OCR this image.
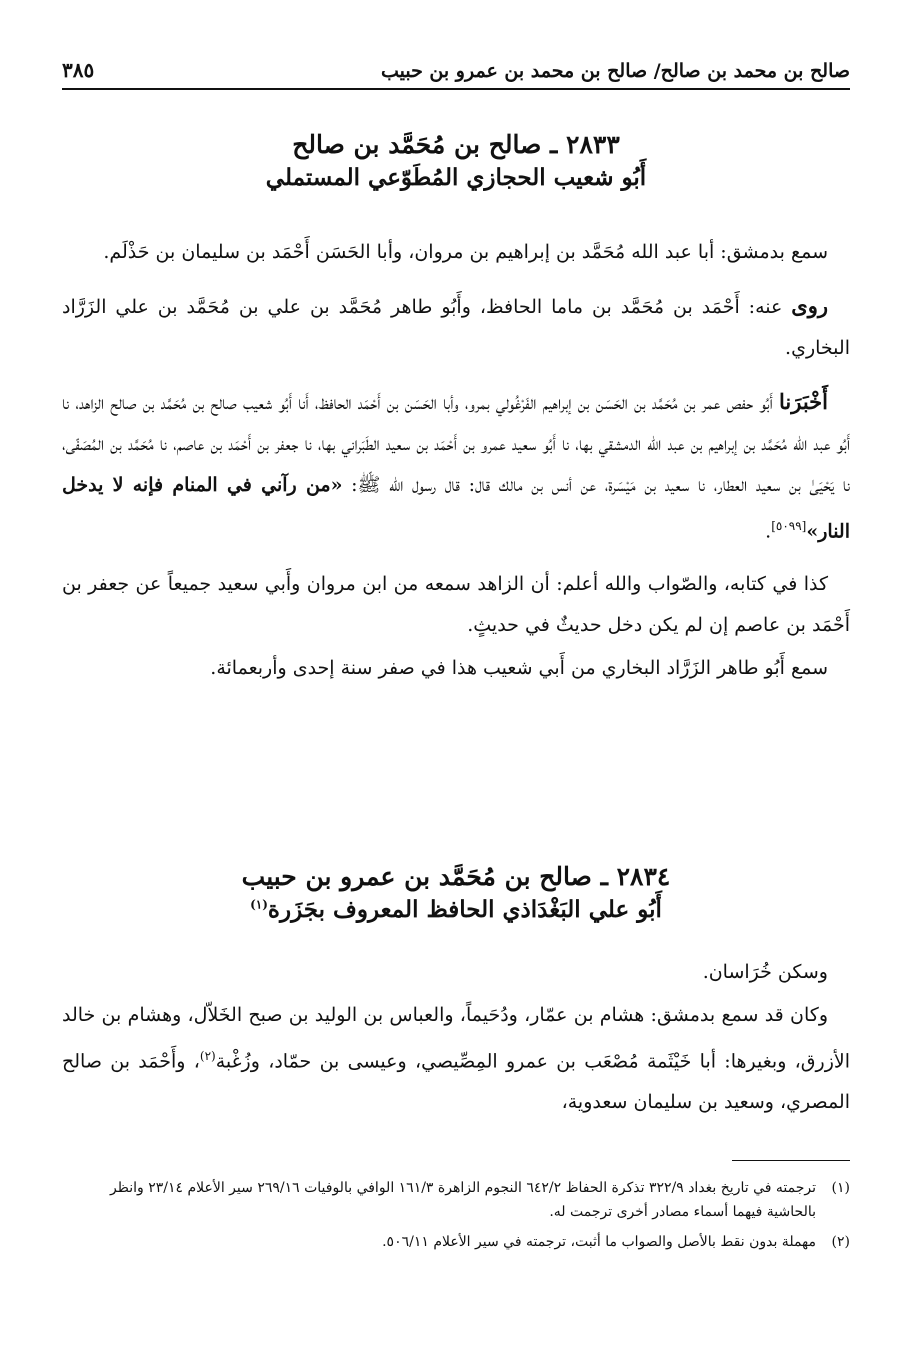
صالح بن محمد بن صالح/ صالح بن محمد بن عمرو بن حبيب
٣٨٥
٢٨٣٣ ـ صالح بن مُحَمَّد بن صالح
أَبُو شعيب الحجازي المُطَوّعي المستملي

سمع بدمشق: أبا عبد الله مُحَمَّد بن إبراهيم بن مروان، وأبا الحَسَن أَحْمَد بن سليمان بن حَذْلَم.

روى عنه: أَحْمَد بن مُحَمَّد بن ماما الحافظ، وأَبُو طاهر مُحَمَّد بن علي بن مُحَمَّد بن علي الزَرَّاد البخاري.

أَخْبَرَنا أَبُو حفص عمر بن مُحَمَّد بن الحَسَن بن إبراهيم الفَرْغُولي بمرو، وأبا الحَسَن بن أَحْمَد الحافظ، أَنا أَبُو شعيب صالح بن مُحَمَّد بن صالح الزاهد، نا أَبُو عبد الله مُحَمَّد بن إبراهيم بن عبد الله الدمشقي بها، نا أَبُو سعيد عمرو بن أَحْمَد بن سعيد الطَبَراني بها، نا جعفر بن أَحْمَد بن عاصم، نا مُحَمَّد بن المُصَفّى، نا يَحْيَىٰ بن سعيد العطار، نا سعيد بن مَيْسَرة، عن أنس بن مالك قال: قال رسول الله ﷺ: «من رآني في المنام فإنه لا يدخل النار»[٥٠٩٩].

كذا في كتابه، والصّواب والله أعلم: أن الزاهد سمعه من ابن مروان وأَبي سعيد جميعاً عن جعفر بن أَحْمَد بن عاصم إن لم يكن دخل حديثٌ في حديثٍ.

سمع أَبُو طاهر الزَرَّاد البخاري من أَبي شعيب هذا في صفر سنة إحدى وأربعمائة.

٢٨٣٤ ـ صالح بن مُحَمَّد بن عمرو بن حبيب
أَبُو علي البَغْدَاذي الحافظ المعروف بجَزَرة$^{(١)}$

وسكن خُرَاسان.

وكان قد سمع بدمشق: هشام بن عمّار، ودُحَيماً، والعباس بن الوليد بن صبح الخَلاّل، وهشام بن خالد الأزرق، وبغيرها: أبا خَيْثَمة مُصْعَب بن عمرو المِصِّيصي، وعيسى بن حمّاد، وزُغْبة$^{(٢)}$، وأَحْمَد بن صالح المصري، وسعيد بن سليمان سعدوية،

(١)ترجمته في تاريخ بغداد ٣٢٢/٩ تذكرة الحفاظ ٦٤٢/٢ النجوم الزاهرة ١٦١/٣ الوافي بالوفيات ٢٦٩/١٦ سير الأعلام ٢٣/١٤ وانظر بالحاشية فيهما أسماء مصادر أخرى ترجمت له.

(٢)مهملة بدون نقط بالأصل والصواب ما أثبت، ترجمته في سير الأعلام ٥٠٦/١١.
